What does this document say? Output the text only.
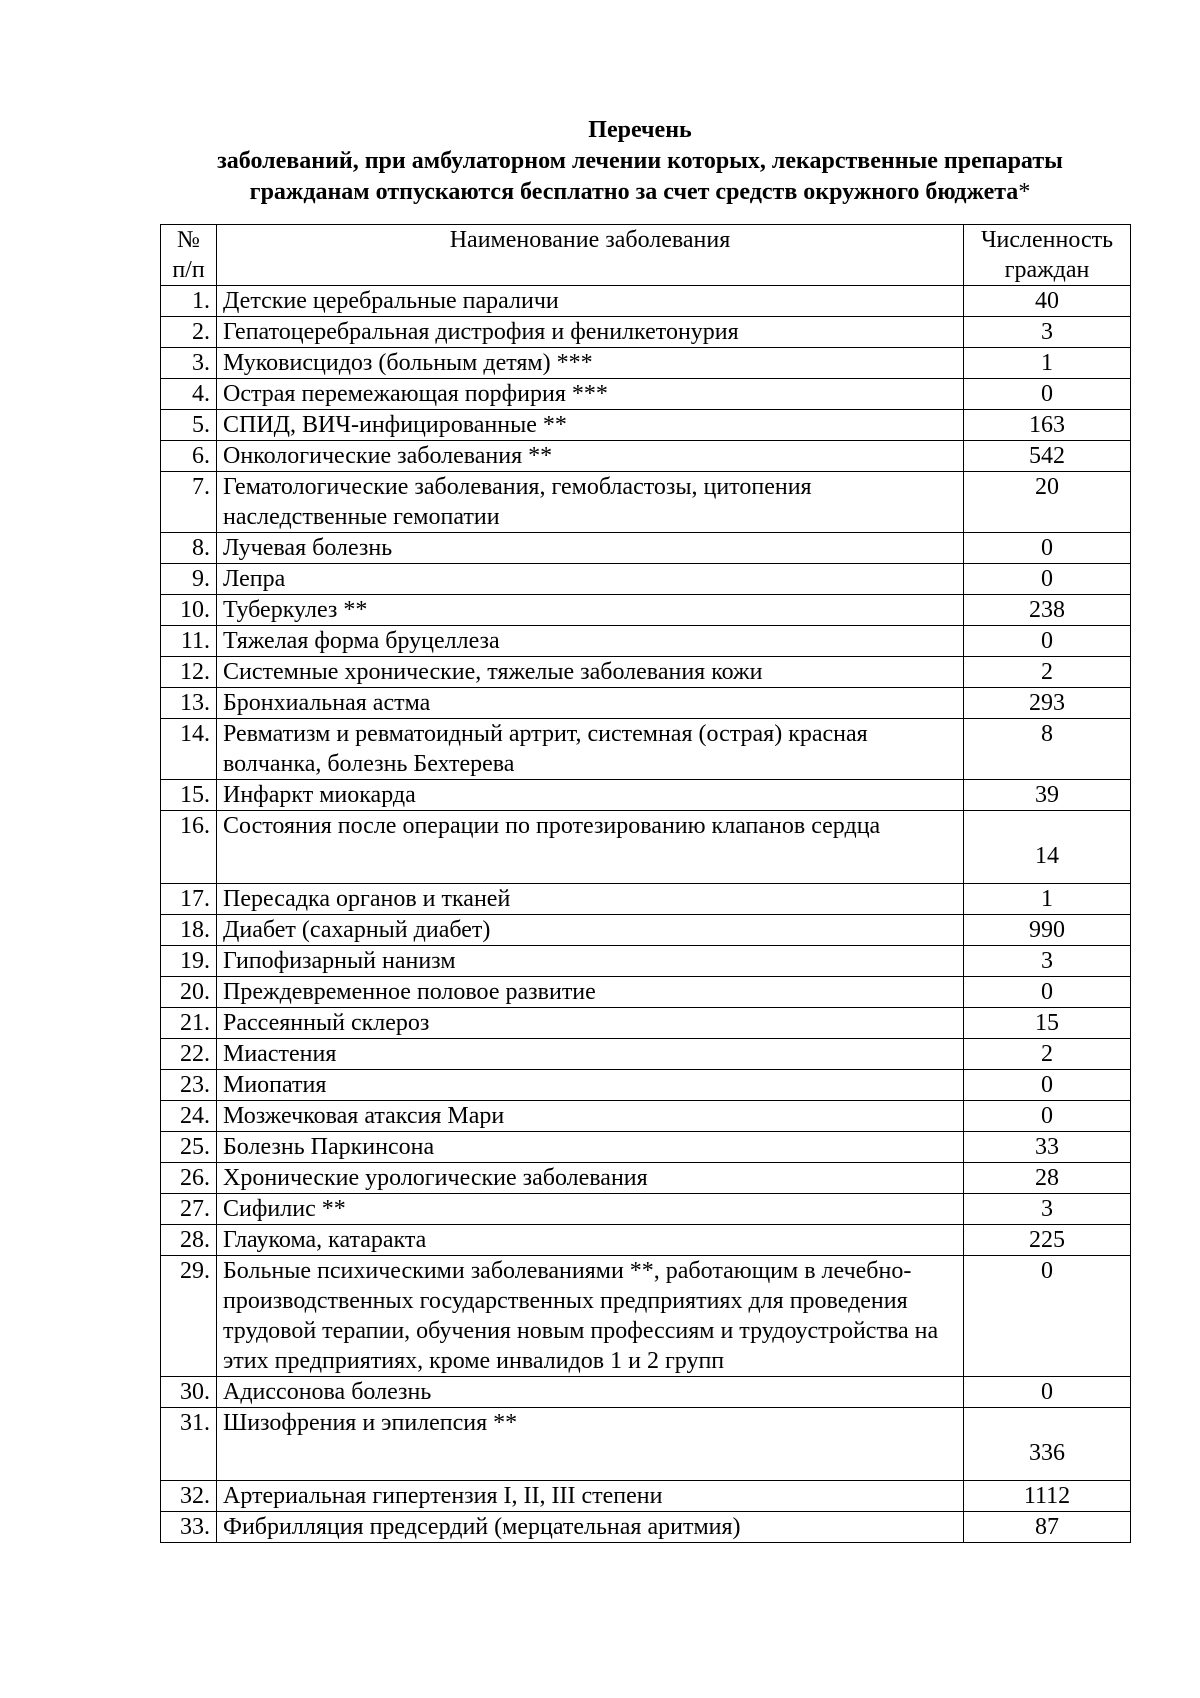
Перечень
заболеваний, при амбулаторном лечении которых, лекарственные препараты
гражданам отпускаются бесплатно за счет средств окружного бюджета*
№ п/п	Наименование заболевания	Численность граждан
1.	Детские церебральные параличи	40
2.	Гепатоцеребральная дистрофия и фенилкетонурия	3
3.	Муковисцидоз (больным детям) ***	1
4.	Острая перемежающая порфирия ***	0
5.	СПИД, ВИЧ-инфицированные **	163
6.	Онкологические заболевания **	542
7.	Гематологические заболевания, гемобластозы, цитопения наследственные гемопатии	20
8.	Лучевая болезнь	0
9.	Лепра	0
10.	Туберкулез **	238
11.	Тяжелая форма бруцеллеза	0
12.	Системные хронические, тяжелые заболевания кожи	2
13.	Бронхиальная астма	293
14.	Ревматизм и ревматоидный артрит, системная (острая) красная волчанка, болезнь Бехтерева	8
15.	Инфаркт миокарда	39
16.	Состояния после операции по протезированию клапанов сердца	14
17.	Пересадка органов и тканей	1
18.	Диабет (сахарный диабет)	990
19.	Гипофизарный нанизм	3
20.	Преждевременное половое развитие	0
21.	Рассеянный склероз	15
22.	Миастения	2
23.	Миопатия	0
24.	Мозжечковая атаксия Мари	0
25.	Болезнь Паркинсона	33
26.	Хронические урологические заболевания	28
27.	Сифилис **	3
28.	Глаукома, катаракта	225
29.	Больные психическими заболеваниями **, работающим в лечебно-производственных государственных предприятиях для проведения трудовой терапии, обучения новым профессиям и трудоустройства на этих предприятиях, кроме инвалидов 1 и 2 групп	0
30.	Адиссонова болезнь	0
31.	Шизофрения и эпилепсия **	336
32.	Артериальная гипертензия I, II, III степени	1112
33.	Фибрилляция предсердий (мерцательная аритмия)	87
